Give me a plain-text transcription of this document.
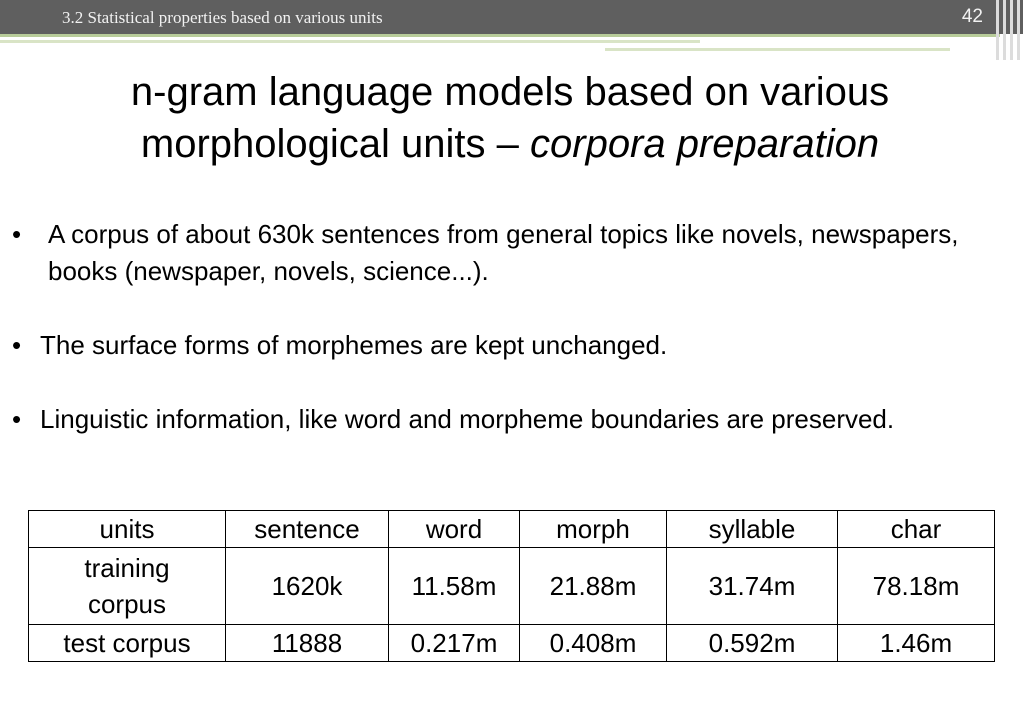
3.2 Statistical properties based on various units	42
n-gram language models based on various
morphological units – corpora preparation
• A corpus of about 630k sentences from general topics like novels, newspapers, books (newspaper, novels, science...).
• The surface forms of morphemes are kept unchanged.
• Linguistic information, like word and morpheme boundaries are preserved.
units	sentence	word	morph	syllable	char
training corpus	1620k	11.58m	21.88m	31.74m	78.18m
test corpus	11888	0.217m	0.408m	0.592m	1.46m
